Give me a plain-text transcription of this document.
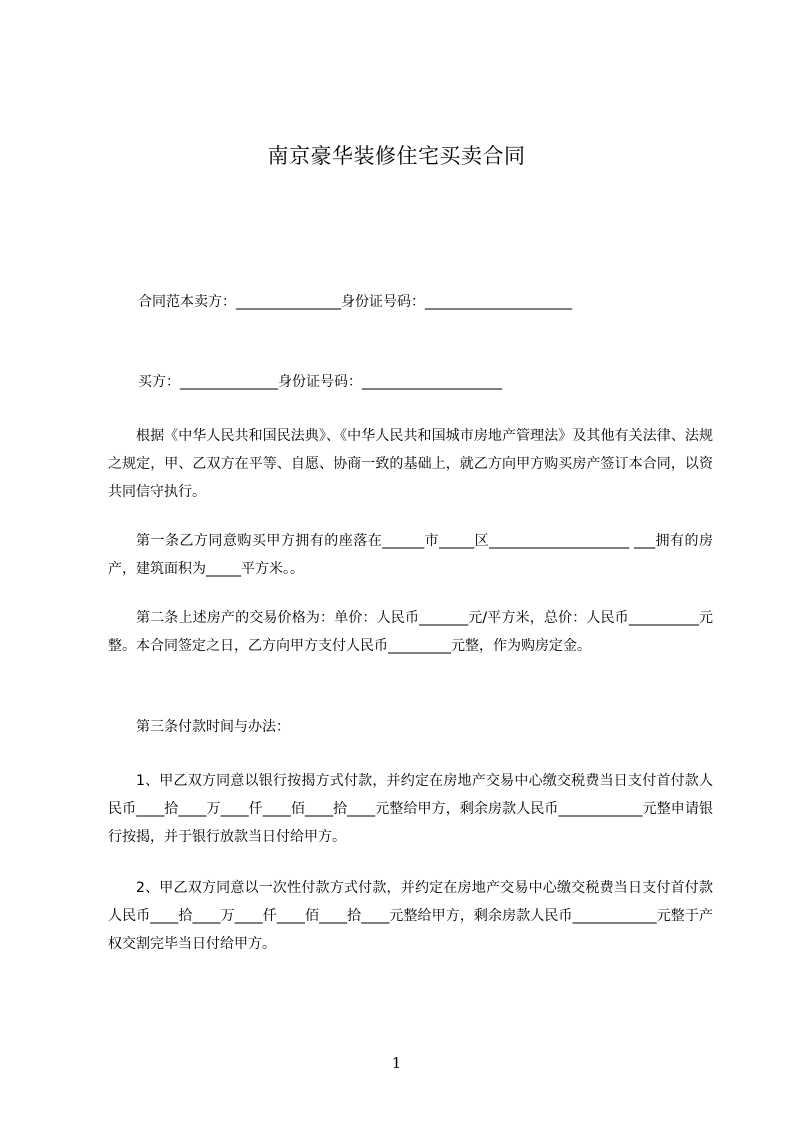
南京豪华装修住宅买卖合同
合同范本卖方：_______________身份证号码：_____________________
买方：______________身份证号码：____________________
根据《中华人民共和国民法典》、《中华人民共和国城市房地产管理法》及其他有关法律、法规之规定，甲、乙双方在平等、自愿、协商一致的基础上，就乙方向甲方购买房产签订本合同，以资共同信守执行。
第一条乙方同意购买甲方拥有的座落在______市_____区____________________ ___拥有的房产，建筑面积为_____平方米。。
第二条上述房产的交易价格为：单价：人民币_______元/平方米，总价：人民币__________元整。本合同签定之日，乙方向甲方支付人民币_________元整，作为购房定金。
第三条付款时间与办法：
1、甲乙双方同意以银行按揭方式付款，并约定在房地产交易中心缴交税费当日支付首付款人民币____拾____万____仟____佰____拾____元整给甲方，剩余房款人民币____________元整申请银行按揭，并于银行放款当日付给甲方。
2、甲乙双方同意以一次性付款方式付款，并约定在房地产交易中心缴交税费当日支付首付款人民币____拾____万____仟____佰____拾____元整给甲方，剩余房款人民币____________元整于产权交割完毕当日付给甲方。
1
